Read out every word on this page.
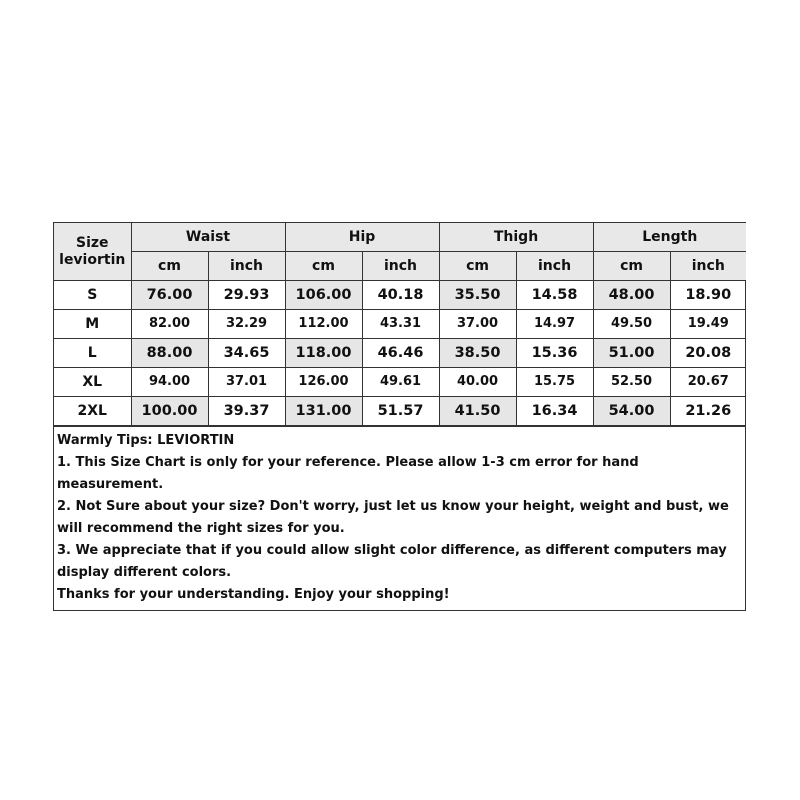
Size
leviortin	Waist		Hip		Thigh		Length	
	cm	inch	cm	inch	cm	inch	cm	inch
S	76.00	29.93	106.00	40.18	35.50	14.58	48.00	18.90
M	82.00	32.29	112.00	43.31	37.00	14.97	49.50	19.49
L	88.00	34.65	118.00	46.46	38.50	15.36	51.00	20.08
XL	94.00	37.01	126.00	49.61	40.00	15.75	52.50	20.67
2XL	100.00	39.37	131.00	51.57	41.50	16.34	54.00	21.26
Warmly Tips: LEVIORTIN
1. This Size Chart is only for your reference. Please allow 1-3 cm error for hand measurement.
2. Not Sure about your size? Don't worry, just let us know your height, weight and bust, we will recommend the right sizes for you.
3. We appreciate that if you could allow slight color difference, as different computers may display different colors.
Thanks for your understanding. Enjoy your shopping!
